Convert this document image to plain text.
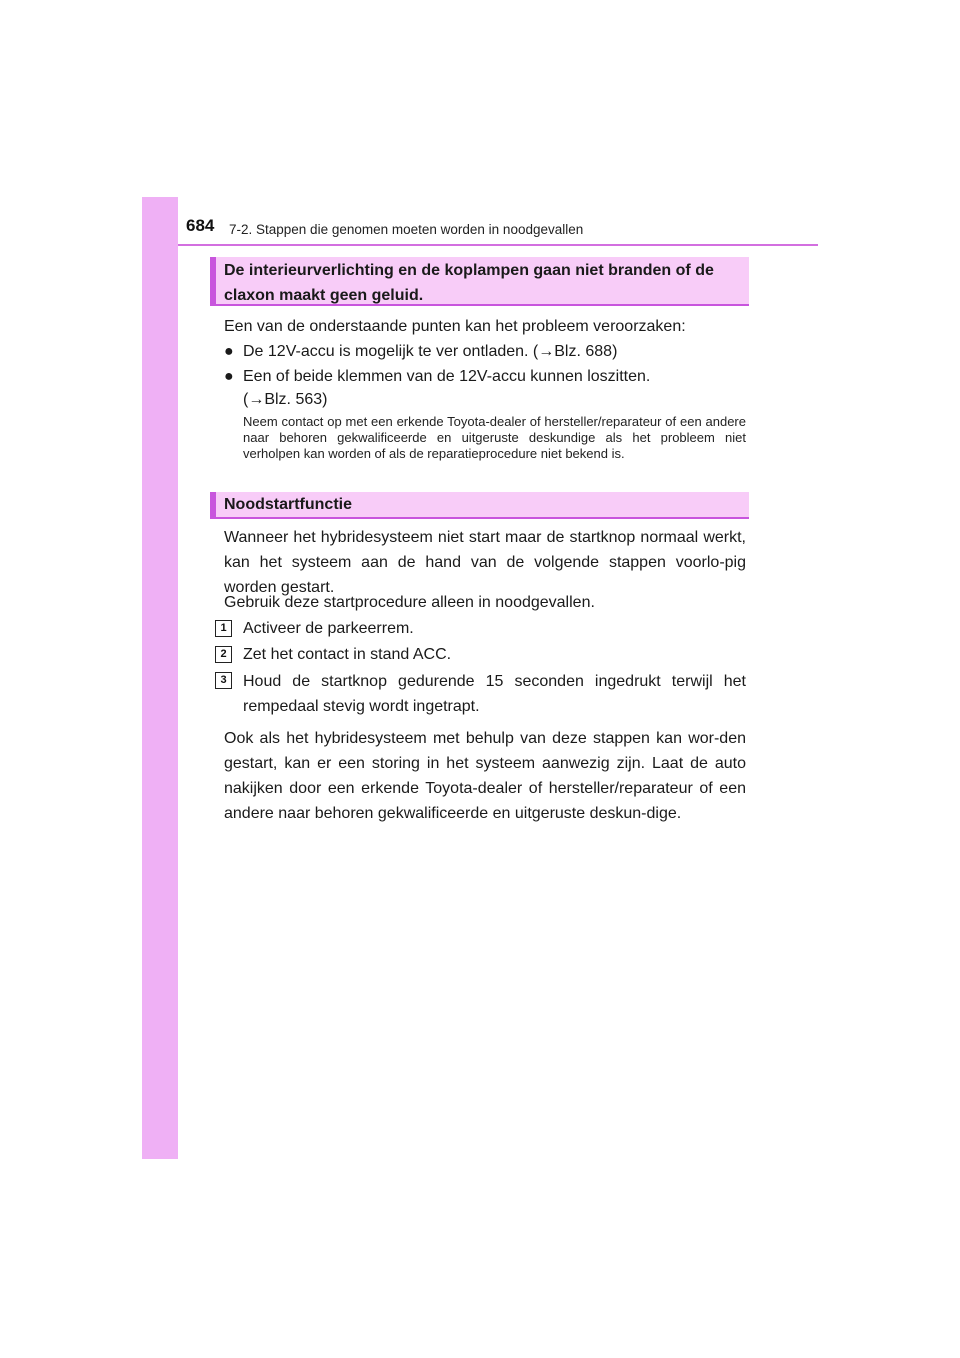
684 7-2. Stappen die genomen moeten worden in noodgevallen
De interieurverlichting en de koplampen gaan niet branden of de
claxon maakt geen geluid.
Een van de onderstaande punten kan het probleem veroorzaken:
● De 12V-accu is mogelijk te ver ontladen. (→Blz. 688)
● Een of beide klemmen van de 12V-accu kunnen loszitten.
(→Blz. 563)
Neem contact op met een erkende Toyota-dealer of hersteller/reparateur of een andere naar behoren gekwalificeerde en uitgeruste deskundige als het probleem niet verholpen kan worden of als de reparatieprocedure niet bekend is.
Noodstartfunctie
Wanneer het hybridesysteem niet start maar de startknop normaal werkt, kan het systeem aan de hand van de volgende stappen voorlo-pig worden gestart.
Gebruik deze startprocedure alleen in noodgevallen.
1	Activeer de parkeerrem.
2	Zet het contact in stand ACC.
3	Houd de startknop gedurende 15 seconden ingedrukt terwijl het rempedaal stevig wordt ingetrapt.
Ook als het hybridesysteem met behulp van deze stappen kan wor-den gestart, kan er een storing in het systeem aanwezig zijn. Laat de auto nakijken door een erkende Toyota-dealer of hersteller/reparateur of een andere naar behoren gekwalificeerde en uitgeruste deskun-dige.
